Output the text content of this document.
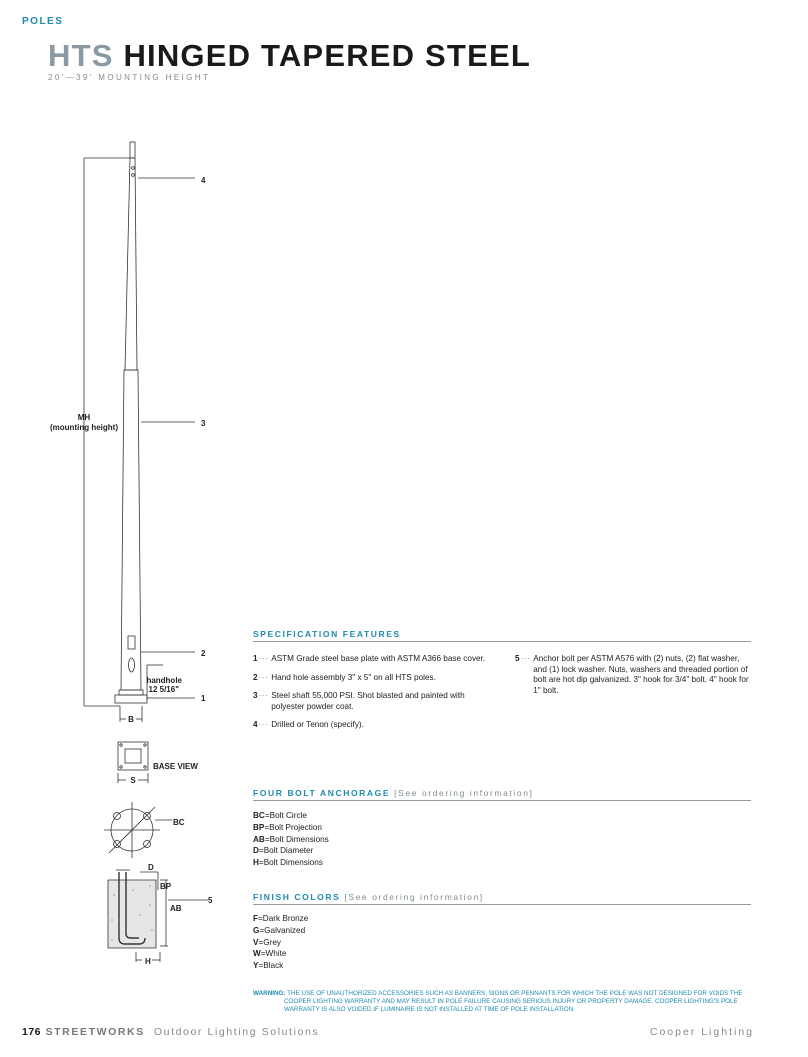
POLES
HTS HINGED TAPERED STEEL
20'—39' MOUNTING HEIGHT
4
3
2
1
5
MH
(mounting height)
handhole
12 5/16"
B
S
BASE VIEW
BC
D
BP
AB
H
SPECIFICATION FEATURES
1 ··· ASTM Grade steel base plate with ASTM A366 base cover.
2 ··· Hand hole assembly 3" x 5" on all HTS poles.
3 ··· Steel shaft 55,000 PSI. Shot blasted and painted with polyester powder coat.
4 ··· Drilled or Tenon (specify).
5 ··· Anchor bolt per ASTM A576 with (2) nuts, (2) flat washer, and (1) lock washer. Nuts, washers and threaded portion of bolt are hot dip galvanized. 3" hook for 3/4" bolt. 4" hook for 1" bolt.
FOUR BOLT ANCHORAGE [See ordering information]
BC=Bolt Circle
BP=Bolt Projection
AB=Bolt Dimensions
D=Bolt Diameter
H=Bolt Dimensions
FINISH COLORS [See ordering information]
F=Dark Bronze
G=Galvanized
V=Grey
W=White
Y=Black
WARNING: THE USE OF UNAUTHORIZED ACCESSORIES SUCH AS BANNERS, SIGNS OR PENNANTS FOR WHICH THE POLE WAS NOT DESIGNED FOR VOIDS THE COOPER LIGHTING WARRANTY AND MAY RESULT IN POLE FAILURE CAUSING SERIOUS INJURY OR PROPERTY DAMAGE. COOPER LIGHTING'S POLE WARRANTY IS ALSO VOIDED IF LUMINAIRE IS NOT INSTALLED AT TIME OF POLE INSTALLATION.
176 STREETWORKS Outdoor Lighting Solutions	Cooper Lighting
